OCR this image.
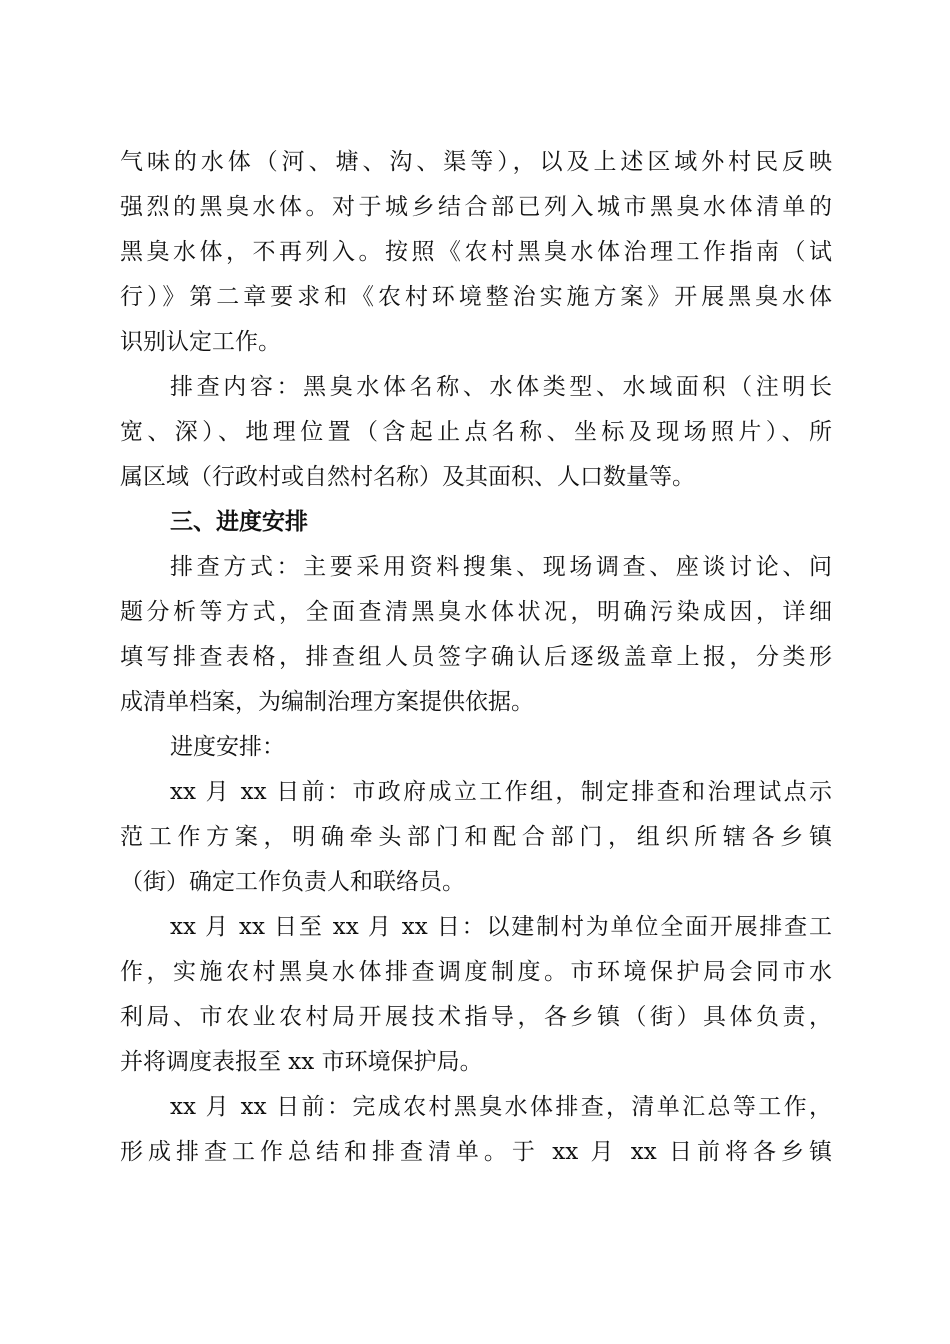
气味的水体（河、塘、沟、渠等），以及上述区域外村民反映
强烈的黑臭水体。对于城乡结合部已列入城市黑臭水体清单的
黑臭水体，不再列入。按照《农村黑臭水体治理工作指南（试
行）》第二章要求和《农村环境整治实施方案》开展黑臭水体
识别认定工作。
排查内容：黑臭水体名称、水体类型、水域面积（注明长
宽、深）、地理位置（含起止点名称、坐标及现场照片）、所
属区域（行政村或自然村名称）及其面积、人口数量等。
三、进度安排
排查方式：主要采用资料搜集、现场调查、座谈讨论、问
题分析等方式，全面查清黑臭水体状况，明确污染成因，详细
填写排查表格，排查组人员签字确认后逐级盖章上报，分类形
成清单档案，为编制治理方案提供依据。
进度安排：
xx 月 xx 日前：市政府成立工作组，制定排查和治理试点示
范工作方案，明确牵头部门和配合部门，组织所辖各乡镇
（街）确定工作负责人和联络员。
xx 月 xx 日至 xx 月 xx 日：以建制村为单位全面开展排查工
作，实施农村黑臭水体排查调度制度。市环境保护局会同市水
利局、市农业农村局开展技术指导，各乡镇（街）具体负责，
并将调度表报至 xx 市环境保护局。
xx 月 xx 日前：完成农村黑臭水体排查，清单汇总等工作，
形成排查工作总结和排查清单。于 xx 月 xx 日前将各乡镇
